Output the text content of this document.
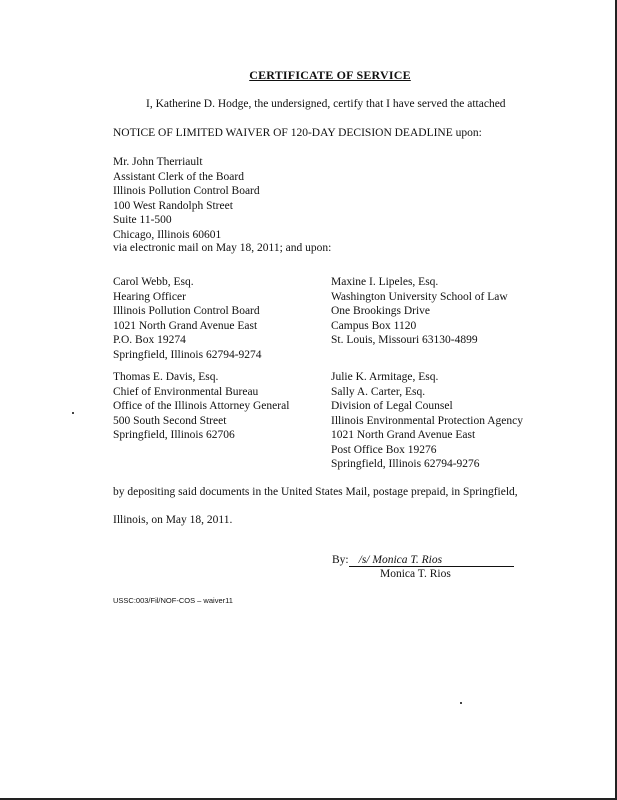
CERTIFICATE OF SERVICE
I, Katherine D. Hodge, the undersigned, certify that I have served the attached
NOTICE OF LIMITED WAIVER OF 120-DAY DECISION DEADLINE upon:
Mr. John Therriault
Assistant Clerk of the Board
Illinois Pollution Control Board
100 West Randolph Street
Suite 11-500
Chicago, Illinois 60601
via electronic mail on May 18, 2011; and upon:
Carol Webb, Esq.
Hearing Officer
Illinois Pollution Control Board
1021 North Grand Avenue East
P.O. Box 19274
Springfield, Illinois 62794-9274
Maxine I. Lipeles, Esq.
Washington University School of Law
One Brookings Drive
Campus Box 1120
St. Louis, Missouri 63130-4899
Thomas E. Davis, Esq.
Chief of Environmental Bureau
Office of the Illinois Attorney General
500 South Second Street
Springfield, Illinois 62706
Julie K. Armitage, Esq.
Sally A. Carter, Esq.
Division of Legal Counsel
Illinois Environmental Protection Agency
1021 North Grand Avenue East
Post Office Box 19276
Springfield, Illinois 62794-9276
by depositing said documents in the United States Mail, postage prepaid, in Springfield,
Illinois, on May 18, 2011.
By: /s/ Monica T. Rios
Monica T. Rios
USSC:003/Fil/NOF-COS – waiver11
